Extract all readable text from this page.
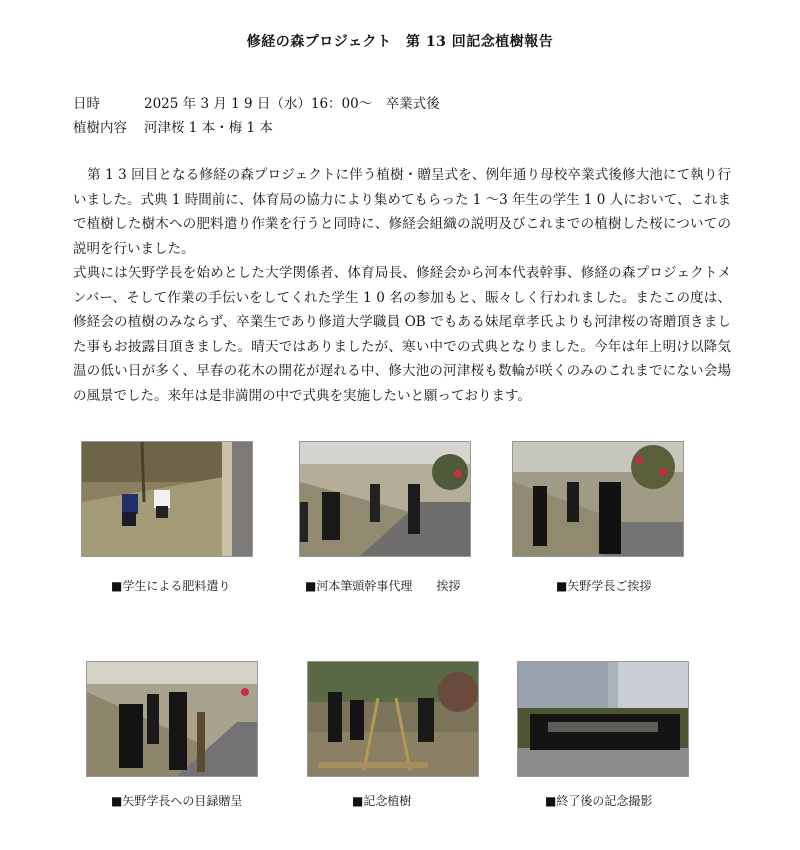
修経の森プロジェクト　第 13 回記念植樹報告
日時	2025 年 3 月 1 9 日（水）16：00～　卒業式後
植樹内容 河津桜 1 本・梅 1 本

第 1 3 回目となる修経の森プロジェクトに伴う植樹・贈呈式を、例年通り母校卒業式後修大池にて執り行いました。式典 1 時間前に、体育局の協力により集めてもらった 1 ～3 年生の学生 1 0 人において、これまで植樹した樹木への肥料遣り作業を行うと同時に、修経会組織の説明及びこれまでの植樹した桜についての説明を行いました。

式典には矢野学長を始めとした大学関係者、体育局長、修経会から河本代表幹事、修経の森プロジェクトメンバー、そして作業の手伝いをしてくれた学生 1 0 名の参加もと、賑々しく行われました。またこの度は、修経会の植樹のみならず、卒業生であり修道大学職員 OB でもある妹尾章孝氏よりも河津桜の寄贈頂きました事もお披露目頂きました。晴天ではありましたが、寒い中での式典となりました。今年は年上明け以降気温の低い日が多く、早春の花木の開花が遅れる中、修大池の河津桜も数輪が咲くのみのこれまでにない会場の風景でした。来年は是非満開の中で式典を実施したいと願っております。

■学生による肥料遣り	■河本筆頭幹事代理　　挨拶	■矢野学長ご挨拶
■矢野学長への目録贈呈	■記念植樹	■終了後の記念撮影
